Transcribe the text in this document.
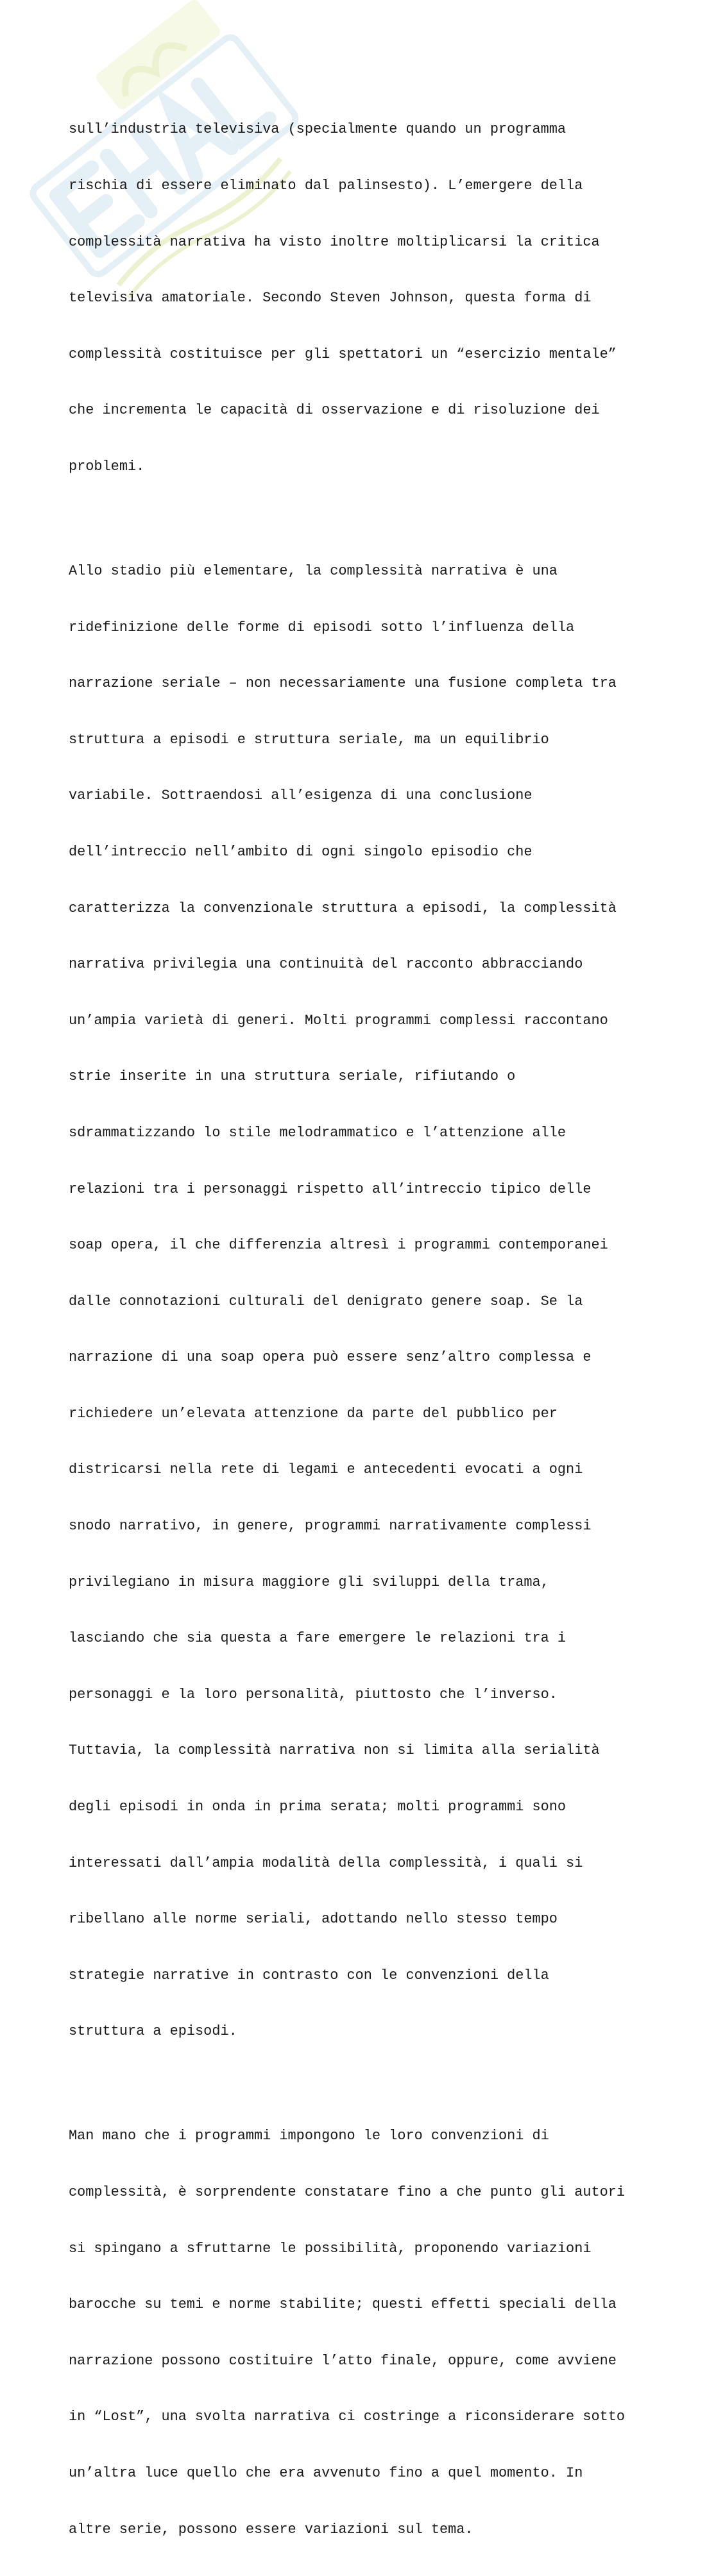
sull’industria televisiva (specialmente quando un programma

rischia di essere eliminato dal palinsesto). L’emergere della

complessità narrativa ha visto inoltre moltiplicarsi la critica

televisiva amatoriale. Secondo Steven Johnson, questa forma di

complessità costituisce per gli spettatori un “esercizio mentale”

che incrementa le capacità di osservazione e di risoluzione dei

problemi.

Allo stadio più elementare, la complessità narrativa è una

ridefinizione delle forme di episodi sotto l’influenza della

narrazione seriale – non necessariamente una fusione completa tra

struttura a episodi e struttura seriale, ma un equilibrio

variabile. Sottraendosi all’esigenza di una conclusione

dell’intreccio nell’ambito di ogni singolo episodio che

caratterizza la convenzionale struttura a episodi, la complessità

narrativa privilegia una continuità del racconto abbracciando

un’ampia varietà di generi. Molti programmi complessi raccontano

strie inserite in una struttura seriale, rifiutando o

sdrammatizzando lo stile melodrammatico e l’attenzione alle

relazioni tra i personaggi rispetto all’intreccio tipico delle

soap opera, il che differenzia altresì i programmi contemporanei

dalle connotazioni culturali del denigrato genere soap. Se la

narrazione di una soap opera può essere senz’altro complessa e

richiedere un’elevata attenzione da parte del pubblico per

districarsi nella rete di legami e antecedenti evocati a ogni

snodo narrativo, in genere, programmi narrativamente complessi

privilegiano in misura maggiore gli sviluppi della trama,

lasciando che sia questa a fare emergere le relazioni tra i

personaggi e la loro personalità, piuttosto che l’inverso.

Tuttavia, la complessità narrativa non si limita alla serialità

degli episodi in onda in prima serata; molti programmi sono

interessati dall’ampia modalità della complessità, i quali si

ribellano alle norme seriali, adottando nello stesso tempo

strategie narrative in contrasto con le convenzioni della

struttura a episodi.

Man mano che i programmi impongono le loro convenzioni di

complessità, è sorprendente constatare fino a che punto gli autori

si spingano a sfruttarne le possibilità, proponendo variazioni

barocche su temi e norme stabilite; questi effetti speciali della

narrazione possono costituire l’atto finale, oppure, come avviene

in “Lost”, una svolta narrativa ci costringe a riconsiderare sotto

un’altra luce quello che era avvenuto fino a quel momento. In

altre serie, possono essere variazioni sul tema.
